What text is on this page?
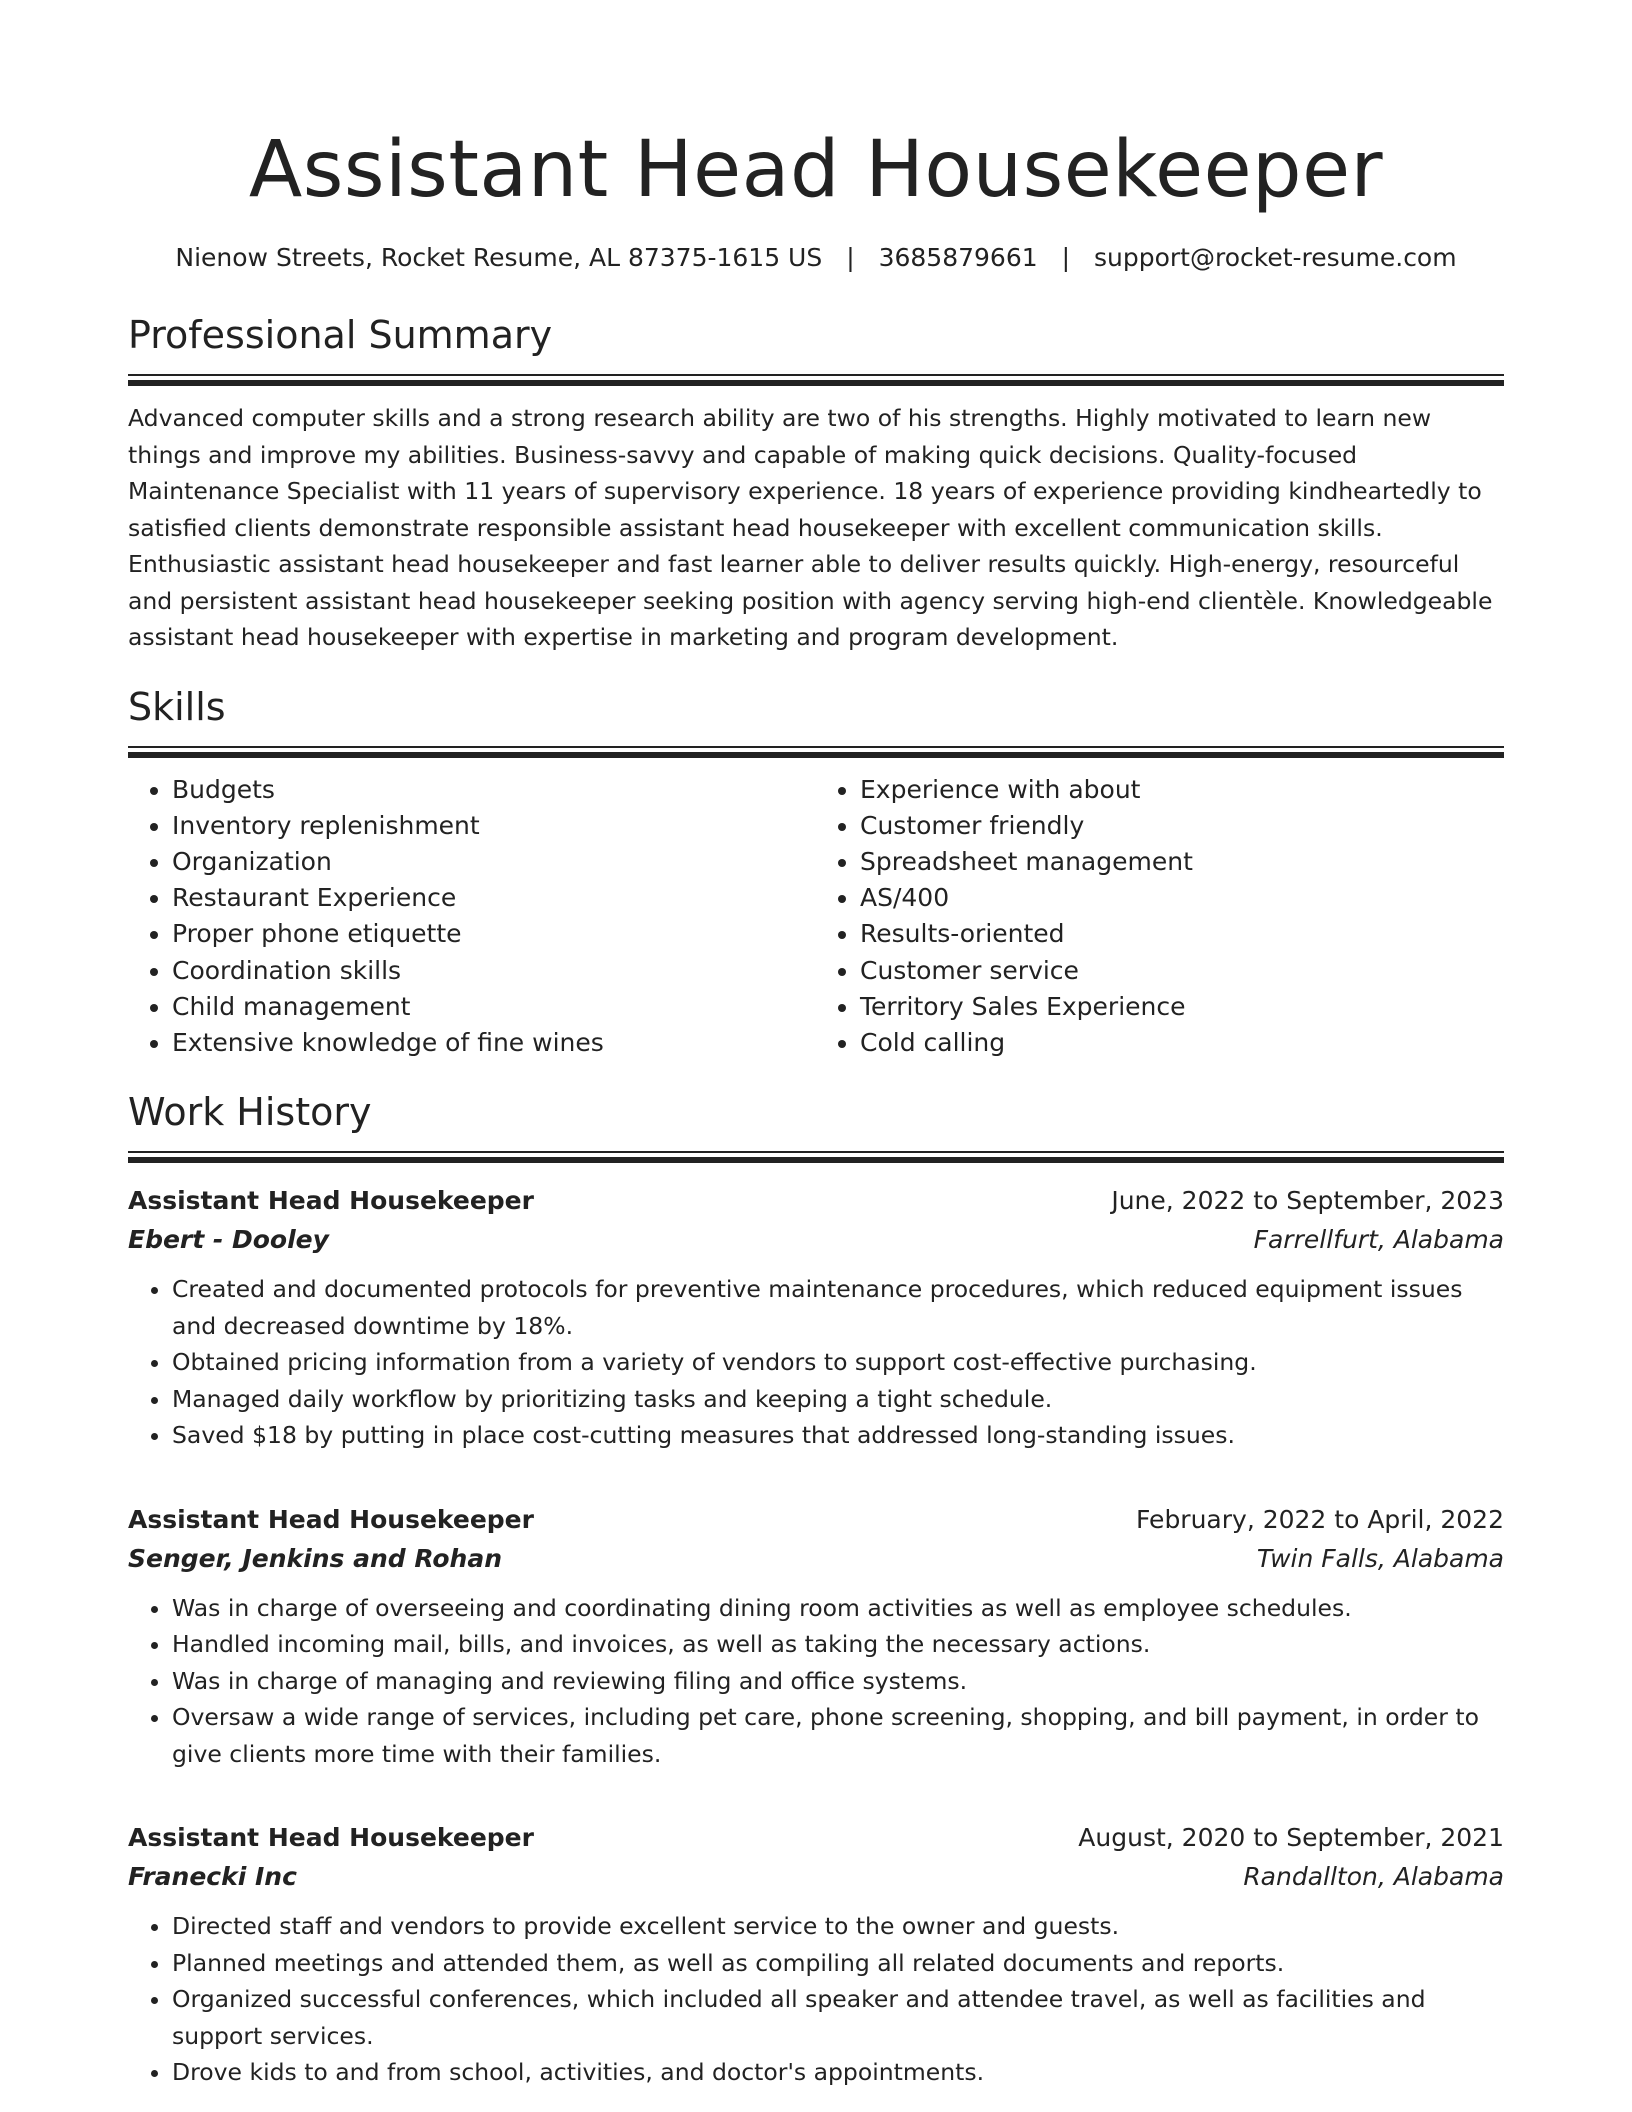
Assistant Head Housekeeper
Nienow Streets, Rocket Resume, AL 87375-1615 US | 3685879661 | support@rocket-resume.com
Professional Summary

Advanced computer skills and a strong research ability are two of his strengths. Highly motivated to learn new things and improve my abilities. Business-savvy and capable of making quick decisions. Quality-focused Maintenance Specialist with 11 years of supervisory experience. 18 years of experience providing kindheartedly to satisfied clients demonstrate responsible assistant head housekeeper with excellent communication skills. Enthusiastic assistant head housekeeper and fast learner able to deliver results quickly. High-energy, resourceful and persistent assistant head housekeeper seeking position with agency serving high-end clientèle. Knowledgeable assistant head housekeeper with expertise in marketing and program development.

Skills
• Budgets
• Inventory replenishment
• Organization
• Restaurant Experience
• Proper phone etiquette
• Coordination skills
• Child management
• Extensive knowledge of fine wines
• Experience with about
• Customer friendly
• Spreadsheet management
• AS/400
• Results-oriented
• Customer service
• Territory Sales Experience
• Cold calling
Work History
Assistant Head Housekeeper	June, 2022 to September, 2023
Ebert - Dooley	Farrellfurt, Alabama
• Created and documented protocols for preventive maintenance procedures, which reduced equipment issues and decreased downtime by 18%.
• Obtained pricing information from a variety of vendors to support cost-effective purchasing.
• Managed daily workflow by prioritizing tasks and keeping a tight schedule.
• Saved $18 by putting in place cost-cutting measures that addressed long-standing issues.
Assistant Head Housekeeper	February, 2022 to April, 2022
Senger, Jenkins and Rohan	Twin Falls, Alabama
• Was in charge of overseeing and coordinating dining room activities as well as employee schedules.
• Handled incoming mail, bills, and invoices, as well as taking the necessary actions.
• Was in charge of managing and reviewing filing and office systems.
• Oversaw a wide range of services, including pet care, phone screening, shopping, and bill payment, in order to give clients more time with their families.
Assistant Head Housekeeper	August, 2020 to September, 2021
Franecki Inc	Randallton, Alabama
• Directed staff and vendors to provide excellent service to the owner and guests.
• Planned meetings and attended them, as well as compiling all related documents and reports.
• Organized successful conferences, which included all speaker and attendee travel, as well as facilities and support services.
• Drove kids to and from school, activities, and doctor's appointments.
